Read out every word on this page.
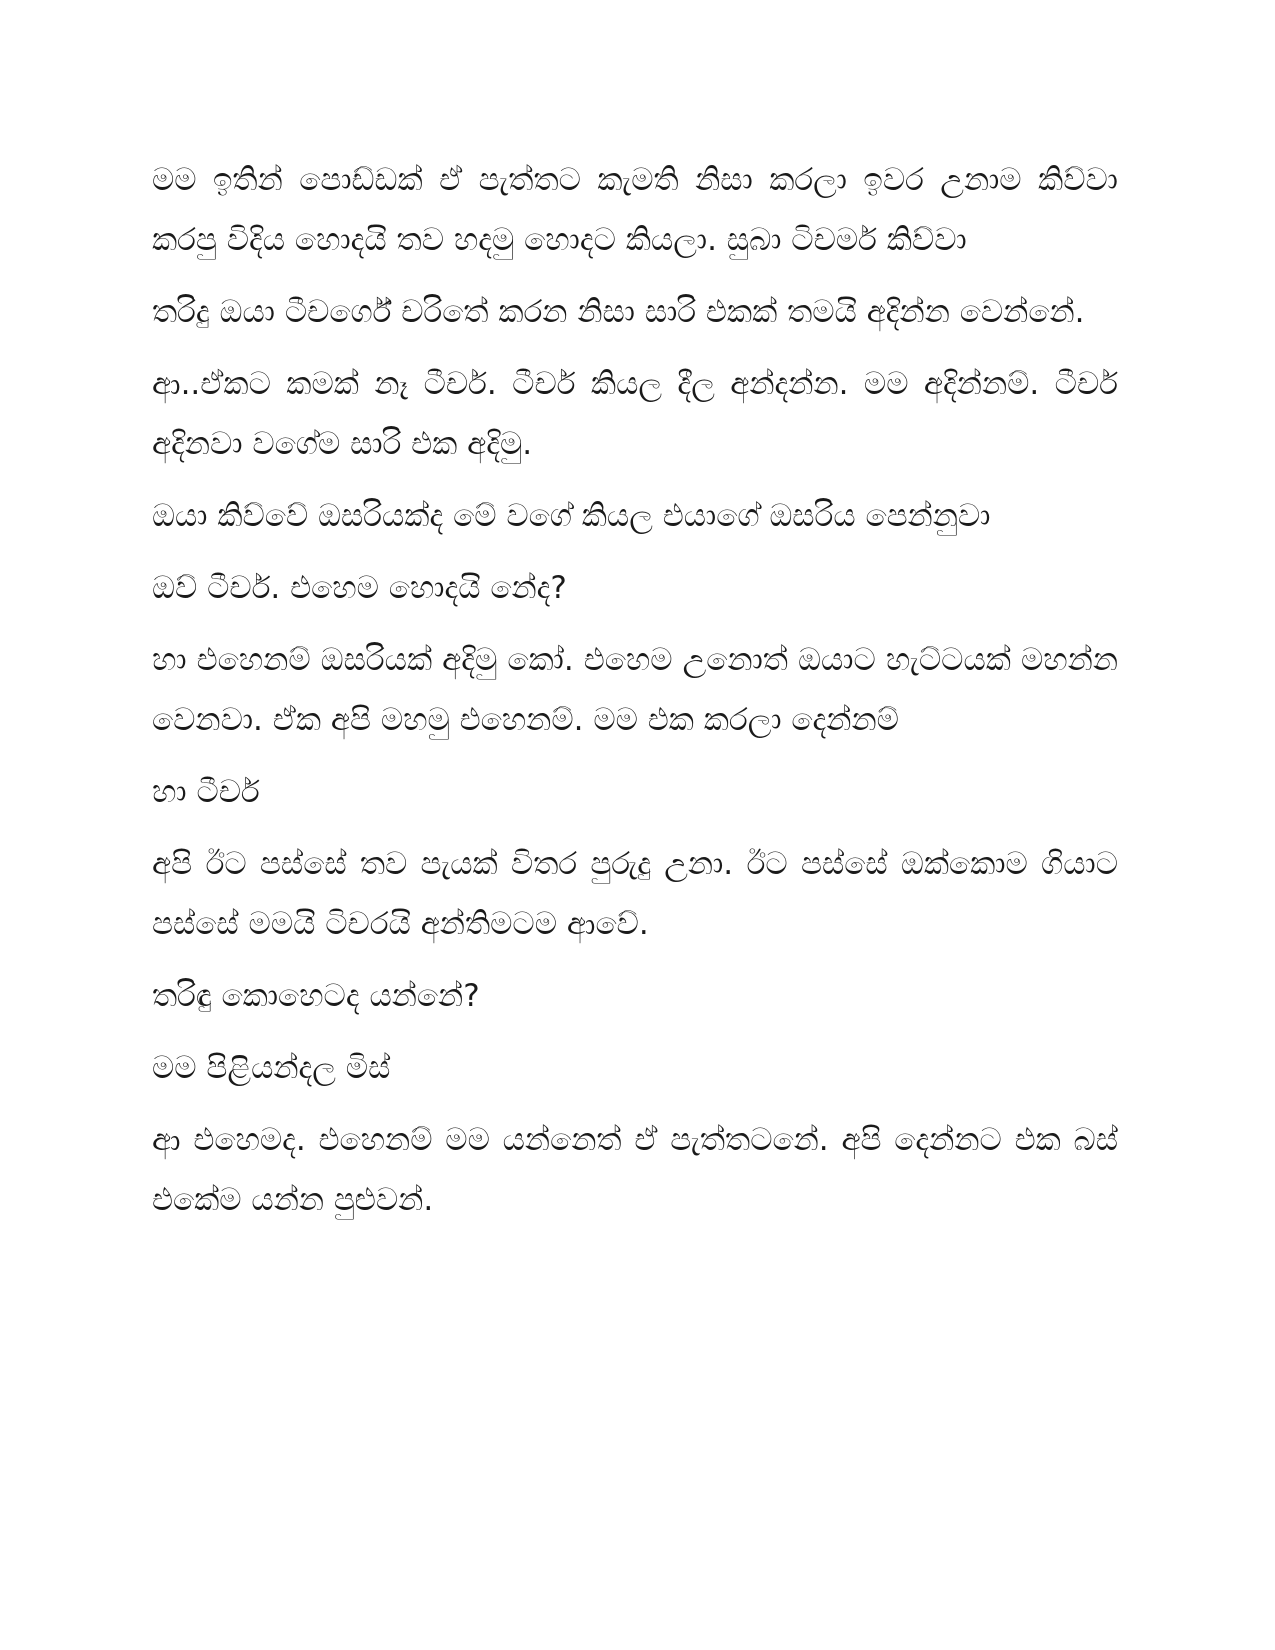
මම ඉතින් පොඩ්ඩක් ඒ පැත්තට කැමති නිසා කරලා ඉවර උනාම කිව්වා කරපු විදිය හොදයි තව හදමු හොදට කියලා. සුබා ටිචර්ම කිව්වා

තරිදු ඔයා ටීචර්ගේ චරිතේ කරන නිසා සාරි එකක් තමයි අදින්න වෙන්නේ.

ආ..ඒකට කමක් නෑ ටීචර්. ටීචර් කියල දීල අන්දන්න. මම අදින්නම්. ටීචර් අදිනවා වගේම සාරි එක අදිමු.

ඔයා කිව්වේ ඔසරියක්ද මේ වගේ කියල එයාගේ ඔසරිය පෙන්නුවා

ඔව් ටීචර්. එහෙම හොදයි නේද?

හා එහෙනම් ඔසරියක් අදිමු කෝ. එහෙම උනොත් ඔයාට හැට්ටයක් මහන්න වෙනවා. ඒක අපි මහමු එහෙනම්. මම එක කරලා දෙන්නම්

හා ටීචර්

අපි ඊට පස්සේ තව පැයක් විතර පුරුදු උනා. ඊට පස්සේ ඔක්කොම ගියාට පස්සේ මමයි ටිචරයි අන්තිමටම ආවේ.

තරිඳු කොහෙටද යන්නේ?

මම පිළියන්දල මිස්

ආ එහෙමද. එහෙනම් මම යන්නෙත් ඒ පැත්තටනේ. අපි දෙන්නට එක බස් එකේම යන්න පුළුවන්.
